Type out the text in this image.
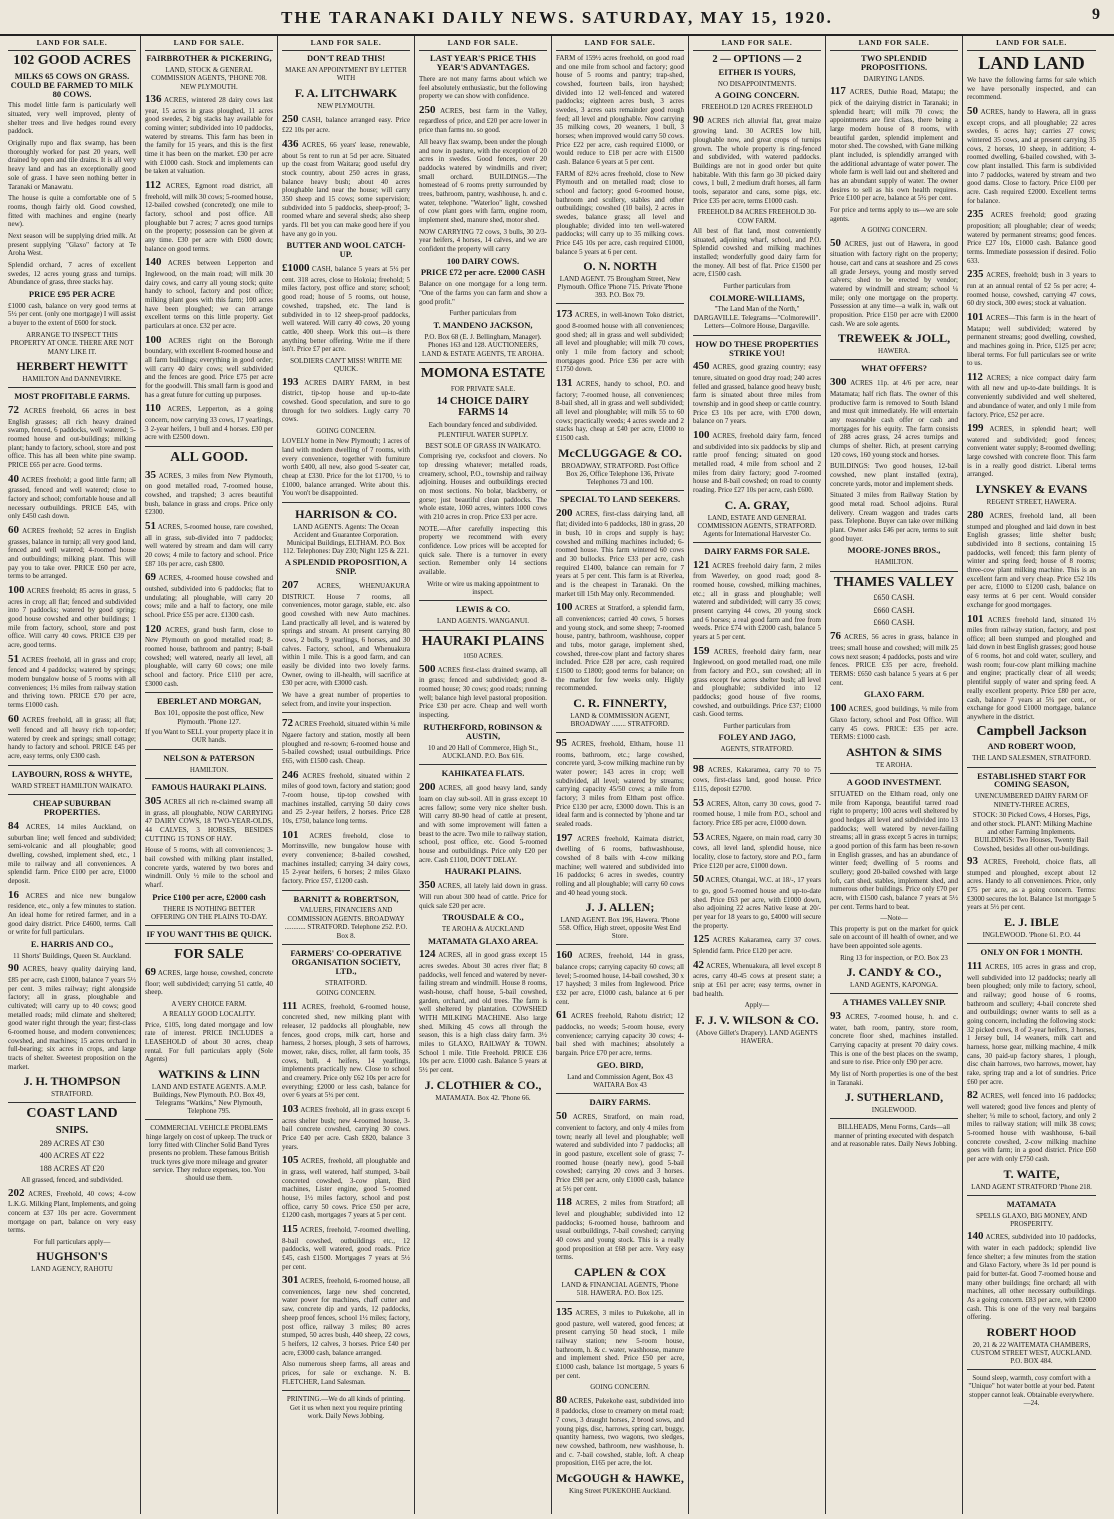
THE TARANAKI DAILY NEWS. SATURDAY, MAY 15, 1920.	9
LAND FOR SALE.
102 GOOD ACRES
MILKS 65 COWS ON GRASS. COULD BE FARMED TO MILK 80 COWS.
This model little farm is particularly well situated, very well improved, plenty of shelter trees and live hedges round every paddock.
Originally rupo and flax swamp, has been thoroughly worked for past 20 years, well drained by open and tile drains. It is all very heavy land and has an exceptionally good sole of grass. I have seen nothing better in Taranaki or Manawatu.
The house is quite a comfortable one of 5 rooms, though fairly old. Good cowshed, fitted with machines and engine (nearly new).
Next season will be supplying dried milk. At present supplying "Glaxo" factory at Te Aroha West.
Splendid orchard, 7 acres of excellent swedes, 12 acres young grass and turnips. Abundance of grass, three stacks hay.
PRICE £95 PER ACRE
£1000 cash, balance on very good terms at 5½ per cent. (only one mortgage) I will assist a buyer to the extent of £600 for stock.
ARRANGE TO INSPECT THIS PROPERTY AT ONCE. THERE ARE NOT MANY LIKE IT.
HERBERT HEWITT
HAMILTON And DANNEVIRKE.
MOST PROFITABLE FARMS.
72 ACRES freehold, 66 acres in best English grasses; all rich heavy drained swamp, fenced, 6 paddocks, well watered; 5-roomed house and out-buildings; milking plant; handy to factory, school, store and post office. This has all been white pine swamp. PRICE £65 per acre. Good terms.
40 ACRES freehold; a good little farm; all grassed, fenced and well watered; close to factory and school; comfortable house and all necessary outbuildings. PRICE £45, with only £450 cash down.
60 ACRES freehold; 52 acres in English grasses, balance in turnip; all very good land, fenced and well watered; 4-roomed house and outbuildings; milking plant. This will pay you to take over. PRICE £60 per acre, terms to be arranged.
100 ACRES freehold; 85 acres in grass, 5 acres in crop; all flat; fenced and subdivided into 7 paddocks; watered by good spring; good house cowshed and other buildings; 1 mile from factory, school, store and post office. Will carry 40 cows. PRICE £39 per acre, good terms.
51 ACRES freehold, all in grass and crop; fenced and 4 paddocks; watered by springs; modern bungalow house of 5 rooms with all conveniences; 1½ miles from railway station and thriving town. PRICE £70 per acre, terms £1000 cash.
60 ACRES freehold, all in grass; all flat; well fenced and all heavy rich top-order; watered by creek and springs; small cottage; handy to factory and school. PRICE £45 per acre, easy terms, only £300 cash.
LAYBOURN, ROSS & WHYTE,
WARD STREET HAMILTON WAIKATO.
CHEAP SUBURBAN PROPERTIES.
84 ACRES, 14 miles Auckland, on suburban line; well fenced and subdivided; semi-volcanic and all ploughable; good dwelling, cowshed, implement shed, etc., 1 mile to railway and all conveniences. A splendid farm. Price £100 per acre, £1000 deposit.
16 ACRES and nice new bungalow residence, etc., only a few minutes to station. An ideal home for retired farmer, and in a good dairy district. Price £4600, terms. Call or write for full particulars.
E. HARRIS AND CO.,
11 Shorts' Buildings, Queen St. Auckland.
90 ACRES, heavy quality dairying land, £85 per acre, cash £1000, balance 7 years 5½ per cent. 3 miles railway; right alongside factory; all in grass, ploughable and cultivated; will carry up to 40 cows; good metalled roads; mild climate and sheltered; good water right through the year; first-class 6-roomed house, and modern conveniences; cowshed, and machines; 15 acres orchard in full-bearing; six acres in crops, and large tracts of shelter. Sweetest proposition on the market.
J. H. THOMPSON
STRATFORD.
COAST LAND
SNIPS.
289 ACRES AT £30
400 ACRES AT £22
188 ACRES AT £20
All grassed, fenced, and subdivided.
202 ACRES, Freehold, 40 cows; 4-cow L.K.G. Milking Plant, Implements, and going concern at £37 10s per acre. Government mortgage on part, balance on very easy terms.
For full particulars apply—
HUGHSON'S
LAND AGENCY, RAHOTU
LAND FOR SALE.
FAIRBROTHER & PICKERING,
LAND, STOCK & GENERAL COMMISSION AGENTS, 'PHONE 708. NEW PLYMOUTH.
136 ACRES, wintered 28 dairy cows last year, 15 acres in grass ploughed, 11 acres good swedes, 2 big stacks hay available for coming winter; subdivided into 10 paddocks, watered by streams. This farm has been in the family for 15 years, and this is the first time it has been on the market. £30 per acre with £1000 cash. Stock and implements can be taken at valuation.
112 ACRES, Egmont road district, all freehold, will milk 30 cows; 5-roomed house, 12-bailed cowshed (concreted); one mile to factory, school and post office. All ploughable but 7 acres; 7 acres good turnips on the property; possession can be given at any time. £30 per acre with £600 down; balance on good terms.
140 ACRES between Lepperton and Inglewood, on the main road; will milk 30 dairy cows, and carry all young stock; quite handy to school, factory and post office; milking plant goes with this farm; 100 acres have been ploughed; we can arrange excellent terms on this little property. Get particulars at once. £32 per acre.
100 ACRES right on the Borough boundary, with excellent 8-roomed house and all farm buildings; everything in good order; will carry 40 dairy cows; well subdivided and the fences are good. Price £75 per acre for the goodwill. This small farm is good and has a great future for cutting up purposes.
110 ACRES, Lepperton, as a going concern, now carrying 33 cows, 17 yearlings, 3 2-year heifers, 1 bull and 4 horses. £30 per acre with £2500 down.
ALL GOOD.
35 ACRES, 3 miles from New Plymouth, on good metalled road, 7-roomed house, cowshed, and trapshed; 3 acres beautiful bush, balance in grass and crops. Price only £2300.
51 ACRES, 5-roomed house, rare cowshed, all in grass, sub-divided into 7 paddocks; well watered by stream and dam will carry 20 cows; 4 mile to factory and school. Price £87 10s per acre, cash £800.
69 ACRES, 4-roomed house cowshed and outshed, subdivided into 6 paddocks; flat to undulating; all ploughable, will carry 20 cows; mile and a half to factory, one mile school. Price £55 per acre. £1300 cash.
120 ACRES, grand bush farm, close to New Plymouth on good metalled road; 8-roomed house, bathroom and pantry; 8-bail cowshed; well watered, nearly all level, all ploughable, will carry 60 cows; one mile school and factory. Price £110 per acre, £3000 cash.
EBERLET AND MORGAN,
Box 101, opposite the post office, New Plymouth. 'Phone 127.
If you Want to SELL your property place it in OUR hands.
NELSON & PATERSON
HAMILTON.
FAMOUS HAURAKI PLAINS.
305 ACRES all rich re-claimed swamp all in grass, all ploughable, NOW CARRYING 47 DAIRY COWS, 18 TWO-YEAR-OLDS, 44 CALVES, 3 HORSES, BESIDES CUTTING 15 TONS OF HAY.
House of 5 rooms, with all conveniences; 3-bail cowshed with milking plant installed, concrete yards, watered by two bores and windmill. Only ½ mile to the school and wharf.
Price £100 per acre, £2000 cash
THERE IS NOTHING BETTER OFFERING ON THE PLAINS TO-DAY.
IF YOU WANT THIS BE QUICK.
FOR SALE
69 ACRES, large house, cowshed, concrete floor; well subdivided; carrying 51 cattle, 40 sheep.
A VERY CHOICE FARM.
A REALLY GOOD LOCALITY.
Price, £105, long dated mortgage and low rate of interest. PRICE INCLUDES a LEASEHOLD of about 30 acres, cheap rental. For full particulars apply (Sole Agents)
WATKINS & LINN
LAND AND ESTATE AGENTS. A.M.P. Buildings, New Plymouth. P.O. Box 49, Telegrams "Watkins," New Plymouth, Telephone 795.
COMMERCIAL VEHICLE PROBLEMS hinge largely on cost of upkeep. The truck or lorry fitted with Clincher Solid Band Tyres presents no problem. These famous British truck tyres give more mileage and greater service. They reduce expenses, too. You should use them.
LAND FOR SALE.
DON'T READ THIS!
MAKE AN APPOINTMENT BY LETTER WITH
F. A. LITCHWARK
NEW PLYMOUTH.
250 CASH, balance arranged easy. Price £22 10s per acre.
436 ACRES, 66 years' lease, renewable, about 5s rent to run at 5d per acre. Situated up the coast from Waitara; good useful dry stock country, about 250 acres in grass, balance heavy bush; about 40 acres ploughable land near the house; will carry 350 sheep and 15 cows; some supervision; subdivided into 5 paddocks, sheep-proof; 3-roomed whare and several sheds; also sheep yards. I'll bet you can make good here if you have any go in you.
BUTTER AND WOOL CATCH-UP.
£1000 CASH, balance 5 years at 5½ per cent. 318 acres, close to Hokoia; freehold; 5 miles factory, post office and store; school; good road; house of 5 rooms, out house, cowshed, trapshed, etc. The land is subdivided in to 12 sheep-proof paddocks, well watered. Will carry 40 cows, 20 young cattle, 400 sheep. Work this out—is there anything better offering. Write me if there isn't. Price £7 per acre.
SOLDIERS CAN'T MISS! WRITE ME QUICK.
193 ACRES DAIRY FARM, in best district, tip-top house and up-to-date cowshed. Good speculation, and sure to go through for two soldiers. Lugly carry 70 cows.
GOING CONCERN.
LOVELY home in New Plymouth; 1 acres of land with modern dwelling of 7 rooms, with every convenience, together with furniture worth £400, all new, also good 5-seater car, cheap at £330. Price for the lot £1700, ½ to £1000, balance arranged. Write about this. You won't be disappointed.
HARRISON & CO.
LAND AGENTS. Agents: The Ocean Accident and Guarantee Corporation. Municipal Buildings, ELTHAM. P.O. Box 112. Telephones: Day 230; Night 125 & 221.
A SPLENDID PROPOSITION, A SNIP.
207	ACRES, WHENUAKURA DISTRICT. House 7 rooms, all conveniences, motor garage, stable, etc. also good cowshed with new Auto machines. Land practically all level, and is watered by springs and stream. At present carrying 80 cows, 2 bulls, 9 yearlings, 6 horses, and 30 calves. Factory, school, and Whenuakura within 1 mile. This is a good farm, and can easily be divided into two lovely farms. Owner, owing to ill-health, will sacrifice at £30 per acre, with £3000 cash.
We have a great number of properties to select from, and invite your inspection.
72 ACRES Freehold, situated within ¼ mile Ngaere factory and station, mostly all been ploughed and re-sown; 6-roomed house and 5-bailed cowshed; usual outbuildings. Price £65, with £1500 cash. Cheap.
246 ACRES freehold, situated within 2 miles of good town, factory and station; good 7-room house, tip-top cowshed with machines installed, carrying 50 dairy cows and 25 2-year heifers, 2 horses. Price £28 10s, £750, balance long terms.
101 ACRES freehold, close to Morrinsville, new bungalow house with every convenience; 8-bailed cowshed, machines installed; carrying 34 dairy cows, 15 2-year heifers, 6 horses; 2 miles Glaxo factory. Price £57, £1200 cash.
BARNITT & ROBERTSON,
VALUERS, FINANCIERS AND COMMISSION AGENTS. BROADWAY ............ STRATFORD. Telephone 252. P.O. Box 8.
FARMERS' CO-OPERATIVE ORGANISATION SOCIETY, LTD.,
STRATFORD.
GOING CONCERN.
111 ACRES, freehold, 6-roomed house, concreted shed, new milking plant with releaser, 12 paddocks all ploughable, new fences, good crops, milk cart, horse and harness, 2 horses, plough, 3 sets of harrows, mower, rake, discs, roller, all farm tools, 35 cows, bull, 4 heifers, 14 yearlings, implements practically new. Close to school and creamery. Price only £62 10s per acre for everything; £2000 or less cash, balance for over 6 years at 5½ per cent.
103 ACRES freehold, all in grass except 6 acres shelter bush; new 4-roomed house, 3-bail concrete cowshed, carrying 30 cows. Price £40 per acre. Cash £820, balance 3 years.
105 ACRES, freehold, all ploughable and in grass, well watered, half stumped, 3-bail concreted cowshed, 3-cow plant, Bird machines, Lister engine, good 5-roomed house, 1½ miles factory, school and post office, carry 50 cows. Price £50 per acre, £1200 cash, mortgages 7 years at 5 per cent.
115 ACRES, freehold, 7-roomed dwelling, 8-bail cowshed, outbuildings etc., 12 paddocks, well watered, good roads. Price £45, cash £1500. Mortgages 7 years at 5½ per cent.
301 ACRES, freehold, 6-roomed house, all conveniences, large new shed concreted, water power for machines, chaff cutter and saw, concrete dip and yards, 12 paddocks, sheep proof fences, school 1½ miles; factory, post office, railway 3 miles; 80 acres stumped, 50 acres bush, 440 sheep, 22 cows, 5 heifers, 12 calves, 3 horses. Price £40 per acre, £3000 cash, balance arranged.
Also numerous sheep farms, all areas and prices, for sale or exchange. N. B. FLETCHER, Land Salesman.
PRINTING.—We do all kinds of printing. Get it us when next you require printing work. Daily News Jobbing.
LAND FOR SALE.
LAST YEAR'S PRICE THIS YEAR'S ADVANTAGES.
There are not many farms about which we feel absolutely enthusiastic, but the following property we can show with confidence.
250 ACRES, best farm in the Valley, regardless of price, and £20 per acre lower in price than farms no. so good.
All heavy flax swamp, been under the plough and now in pasture, with the exception of 20 acres in swedes. Good fences, over 20 paddocks watered by windmills and river; small orchard. BUILDINGS.—The homestead of 6 rooms pretty surrounded by trees, bathroom, pantry, washhouse, h. and c. water, telephone. "Waterloo" light, cowshed of cow plant goes with farm, engine room, implement shed, manure shed, motor shed.
NOW CARRYING 72 cows, 3 bulls, 30 2/3-year heifers, 4 horses, 14 calves, and we are confident the property will carry
100 DAIRY COWS.
PRICE £72 per acre. £2000 CASH
Balance on one mortgage for a long term. "One of the farms you can farm and show a good profit."
Further particulars from
T. MANDENO JACKSON,
P.O. Box 68 (E. J. Bellingham, Manager). Phones 163 and 128. AUCTIONEERS, LAND & ESTATE AGENTS, TE AROHA.
MOMONA ESTATE
FOR PRIVATE SALE.
14 CHOICE DAIRY FARMS 14
Each boundary fenced and subdivided.
PLENTIFUL WATER SUPPLY.
BEST SOLE OF GRASS IN WAIKATO.
Comprising rye, cocksfoot and clovers. No top dressing whatever; metalled roads, creamery, school, P.O., township and railway adjoining. Houses and outbuildings erected on most sections. No bolar, blackberry, or gorse; just beautiful clean paddocks. The whole estate, 1060 acres, winters 1000 cows with 210 acres in crop. Price £33 per acre.
NOTE.—After carefully inspecting this property we recommend with every confidence. Low prices will be accepted for quick sale. There is a turnover in every section. Remember only 14 sections available.
Write or wire us making appointment to inspect.
LEWIS & CO.
LAND AGENTS. WANGANUI.
HAURAKI PLAINS
1050 ACRES.
500 ACRES first-class drained swamp, all in grass; fenced and subdivided; good 8-roomed house; 30 cows; good roads; running well; balance high level pastoral proposition. Price £30 per acre. Cheap and well worth inspecting.
RUTHERFORD, ROBINSON & AUSTIN,
10 and 20 Hall of Commerce, High St., AUCKLAND. P.O. Box 616.
KAHIKATEA FLATS.
200 ACRES, all good heavy land, sandy loam on clay sub-soil. All in grass except 10 acres fallow; some very nice shelter bush. Will carry 80-90 head of cattle at present, and with some improvement will fatten a beast to the acre. Two mile to railway station, school, post office, etc. Good 5-roomed house and outbuildings. Price only £20 per acre. Cash £1100, DON'T DELAY.
HAURAKI PLAINS.
350 ACRES, all lately laid down in grass. Will run about 300 head of cattle. Price for quick sale £20 per acre.
TROUSDALE & CO.,
TE AROHA & AUCKLAND
MATAMATA GLAXO AREA.
124 ACRES, all in good grass except 15 acres swedes. About 30 acres river flat; 8 paddocks, well fenced and watered by never-failing stream and windmill. House 8 rooms, wash-house, chaff house, 5-bail cowshed, garden, orchard, and old trees. The farm is well sheltered by plantation. COWSHED WITH MILKING MACHINE. Also large shed. Milking 45 cows all through the season, this is a high class dairy farm. 3½ miles to GLAXO, RAILWAY & TOWN. School 1 mile. Title Freehold. PRICE £36 10s per acre. £1000 cash. Balance 5 years at 5½ per cent.
J. CLOTHIER & CO.,
MATAMATA. Box 42. 'Phone 66.
LAND FOR SALE.
FARM of 159½ acres freehold, on good road and one mile from school and factory; good house of 5 rooms and pantry; trap-shed, cowshed, fourteen bails, iron hayshed; divided into 12 well-fenced and watered paddocks; eighteen acres bush, 3 acres swedes, 3 acres oats remainder good rough feed; all level and ploughable. Now carrying 35 milking cows, 20 weaners, 1 bull, 3 horses; when improved would carry 50 cows. Price £22 per acre, cash required £1000, or would reduce to £18 per acre with £1500 cash. Balance 6 years at 5 per cent.
FARM of 82½ acres freehold, close to New Plymouth and on metalled road; close to school and factory; good 6-roomed house, bathroom and scullery, stables and other outbuildings; cowshed (10 bails), 2 acres in swedes, balance grass; all level and ploughable; divided into ten well-watered paddocks; will carry up to 35 milking cows. Price £45 10s per acre, cash required £1000, balance 5 years at 6 per cent.
O. N. NORTH
LAND AGENT. 75 Brougham Street, New Plymouth. Office 'Phone 715. Private 'Phone 393. P.O. Box 79.
173 ACRES, in well-known Toko district, good 8-roomed house with all conveniences; good shed; all in grass and well subdivided; all level and ploughable; will milk 70 cows, only 1 mile from factory and school; mortgages good. Price £36 per acre with £1750 down.
131 ACRES, handy to school, P.O. and factory; 7-roomed house, all conveniences; 8-bail shed, all in grass and well subdivided; all level and ploughable; will milk 55 to 60 cows; practically weeds; 4 acres swede and 2 stacks hay, cheap at £40 per acre, £1000 to £1500 cash.
McCLUGGAGE & CO.
BROADWAY, STRATFORD. Post Office Box 26, Office Telephone 136, Private Telephones 73 and 100.
SPECIAL TO LAND SEEKERS.
200 ACRES, first-class dairying land, all flat; divided into 6 paddocks, 180 in grass, 20 in bush, 10 in crops and supply is hay; cowshed and milking machines included; 6-roomed house. This farm wintered 60 cows and 30 bullocks. Price £33 per acre, cash required £1400, balance can remain for 7 years at 5 per cent. This farm is at Riverlea, and is the cheapest in Taranaki. On the market till 15th May only. Recommended.
100 ACRES at Stratford, a splendid farm, all conveniences; carried 40 cows, 5 horses and young stock, and some sheep; 7-roomed house, pantry, bathroom, washhouse, copper and tubs, motor garage, implement shed, cowshed, three-cow plant and factory shares included. Price £28 per acre, cash required £1500 to £1800; good terms for balance; on the market for few weeks only. Highly recommended.
C. R. FINNERTY,
LAND & COMMISSION AGENT, BROADWAY ........ STRATFORD.
95 ACRES, freehold, Eltham, house 11 rooms, bathroom, etc.; large cowshed, concrete yard, 3-cow milking machine run by water power; 143 acres in crop; well subdivided, all level; watered by streams; carrying capacity 45/50 cows; a mile from factory; 3 miles from Eltham post office. Price £130 per acre, £3000 down. This is an ideal farm and is connected by 'phone and tar sealed roads.
197 ACRES freehold, Kaimata district, dwelling of 6 rooms, bathwashhouse, cowshed of 8 bails with 4-cow milking machine; well watered and subdivided into 16 paddocks; 6 acres in swedes, country rolling and all ploughable; will carry 60 cows and 40 head young stock.
J. J. ALLEN;
LAND AGENT. Box 196, Hawera. 'Phone 558. Office, High street, opposite West End Store.
160 ACRES, freehold, 144 in grass, balance crops; carrying capacity 60 cows; all level; 5-roomed house, 14-bail cowshed, 30 x 17 hayshed; 3 miles from Inglewood. Price £32 per acre, £1000 cash, balance at 6 per cent.
61 ACRES freehold, Rahotu district; 12 paddocks, no weeds; 5-room house, every convenience; carrying capacity 30 cows; 4-bail shed with machines; absolutely a bargain. Price £70 per acre, terms.
GEO. BIRD,
Land and Commission Agent, Box 43 WAITARA Box 43
DAIRY FARMS.
50 ACRES, Stratford, on main road, convenient to factory, and only 4 miles from town; nearly all level and ploughable; well watered and subdivided into 7 paddocks; all in good pasture, excellent sole of grass; 7-roomed house (nearly new), good 5-bail cowshed; carrying 20 cows and 3 horses. Price £98 per acre, only £1000 cash, balance at 5½ per cent.
118 ACRES, 2 miles from Stratford; all level and ploughable; subdivided into 12 paddocks; 6-roomed house, bathroom and usual outbuildings, 7-bail cowshed; carrying 40 cows and young stock. This is a really good proposition at £68 per acre. Very easy terms.
CAPLEN & COX
LAND & FINANCIAL AGENTS, 'Phone 518. HAWERA. P.O. Box 125.
135 ACRES, 3 miles to Pukekohe, all in good pasture, well watered, good fences; at present carrying 50 head stock, 1 mile railway station; new 5-room house, bathroom, h. & c. water, washhouse, manure and implement shed. Price £50 per acre, £1000 cash, balance 1st mortgage, 5 years 6 per cent.
GOING CONCERN.
80 ACRES, Pukekohe east, subdivided into 8 paddocks, close to creamery on metal road; 7 cows, 3 draught horses, 2 brood sows, and young pigs, disc, harrows, spring cart, buggy, quantity harness, two wagons, two sledges, new cowshed, bathroom, new washhouse, h. and c. 7-bail cowshed, stable, loft. A cheap proposition, £165 per acre, the lot.
McGOUGH & HAWKE,
King Street PUKEKOHE Auckland.
LAND FOR SALE.
2 — OPTIONS — 2
EITHER IS YOURS,
NO DISAPPOINTMENTS.
A GOING CONCERN.
FREEHOLD 120 ACRES FREEHOLD
90 ACRES rich alluvial flat, great maize growing land. 30 ACRES low hill, ploughable now, and great crops of turnips grown. The whole property is ring-fenced and subdivided, with watered paddocks. Buildings are not in good order but quite habitable. With this farm go 30 picked dairy cows, 1 bull, 2 medium draft horses, all farm tools, separator and cans, some pigs, etc. Price £35 per acre, terms £1000 cash.
FREEHOLD 84 ACRES FREEHOLD 30-COW FARM.
All best of flat land, most conveniently situated, adjoining wharf, school, and P.O. Splendid cowshed and milking machines installed; wonderfully good dairy farm for the money. All best of flat. Price £1500 per acre, £1500 cash.
Further particulars from
COLMORE-WILLIAMS,
"The Land Man of the North," DARGAVILLE. Telegrams—"Colmorewill". Letters—Colmore House, Dargaville.
HOW DO THESE PROPERTIES STRIKE YOU!
450 ACRES, good grazing country; easy tenure, situated on good dray road; 240 acres felled and grassed, balance good heavy bush; farm is situated about three miles from township and in good sheep or cattle country. Price £3 10s per acre, with £700 down, balance on 7 years.
100 ACRES, freehold dairy farm, fenced and subdivided into six paddocks by slip and rattle proof fencing; situated on good metalled road, 4 mile from school and 2 miles from dairy factory; good 7-roomed house and 8-bail cowshed; on road to county roading. Price £27 10s per acre, cash £600.
C. A. GRAY,
LAND, ESTATE AND GENERAL COMMISSION AGENTS, STRATFORD. Agents for International Harvester Co.
DAIRY FARMS FOR SALE.
121 ACRES freehold dairy farm, 2 miles from Waverley, on good road; good 8-roomed house, cowshed, milking machines, etc.; all in grass and ploughable; well watered and subdivided; will carry 35 cows; present carrying 44 cows, 20 young stock and 6 horses; a real good farm and free from weeds. Price £74 with £2000 cash, balance 5 years at 5 per cent.
159 ACRES, freehold dairy farm, near Inglewood, on good metalled road, one mile from factory and P.O., sun cowshed; all in grass except few acres shelter bush; all level and ploughable; subdivided into 12 paddocks; good house of five rooms, cowshed, and outbuildings. Price £37; £1000 cash. Good terms.
Further particulars from
FOLEY AND JAGO,
AGENTS, STRATFORD.
98 ACRES, Kakaramea, carry 70 to 75 cows, first-class land, good house. Price £115, deposit £2700.
53 ACRES, Alton, carry 30 cows, good 7-roomed house, 1 mile from P.O., school and factory. Price £85 per acre, £1000 down.
53 ACRES, Ngaere, on main road, carry 30 cows, all level land, splendid house, nice locality, close to factory, store and P.O., farm Price £120 per acre, £1000 down.
50 ACRES, Ohangai, W.C. at 18/-, 17 years to go, good 5-roomed house and up-to-date shed. Price £63 per acre, with £1000 down, also adjoining 22 acres Native lease at 20/- per year for 18 years to go, £4000 will secure the property.
125 ACRES Kakaramea, carry 37 cows. Splendid farm. Price £120 per acre.
42 ACRES, Whenuakura, all level except 8 acres, carry 40-45 cows at present state; a snip at £61 per acre; easy terms, owner in bad health.
Apply—
F. J. V. WILSON & CO.
(Above Gillet's Drapery). LAND AGENTS HAWERA.
LAND FOR SALE.
TWO SPLENDID PROPOSITIONS.
DAIRYING LANDS.
117 ACRES, Duthie Road, Matapu; the pick of the dairying district in Taranaki; in splendid heart; will milk 70 cows; the appointments are first class, there being a large modern house of 8 rooms, with beautiful garden, splendid implement and motor shed. The cowshed, with Gane milking plant included, is splendidly arranged with the additional advantage of water power. The whole farm is well laid out and sheltered and has an abundant supply of water. The owner desires to sell as his own health requires. Price £100 per acre, balance at 5½ per cent.
For price and terms apply to us—we are sole agents.
A GOING CONCERN.
50 ACRES, just out of Hawera, in good situation with factory right on the property; house, cart and cans at seashore and 25 cows all grade Jerseys, young and mostly served calvers; shed to be erected by vendor; watered by windmill and stream; school ¼ mile; only one mortgage on the property. Possession at any time—a walk in, walk out proposition. Price £150 per acre with £2000 cash. We are sole agents.
TREWEEK & JOLL,
HAWERA.
WHAT OFFERS?
300 ACRES 11p. at 4/6 per acre, near Matamata; half rich flats. The owner of this productive farm is removed to South Island and must quit immediately. He will entertain any reasonable cash offer or cash and mortgages for his equity. The farm consists of 288 acres grass, 24 acres turnips and clumps of shelter. Rich, at present carrying 120 cows, 160 young stock and horses.
BUILDINGS: Two good houses, 12-bail cowshed, new plant installed (extra), concrete yards, motor and implement sheds.
Situated 3 miles from Railway Station by good metal road. School adjoins. Rural delivery. Cream waggon and trades carts pass. Telephone. Buyer can take over milking plant. Owner asks £46 per acre, terms to suit good buyer.
MOORE-JONES BROS.,
HAMILTON.
THAMES VALLEY
£650 CASH.
£660 CASH.
£660 CASH.
76 ACRES, 56 acres in grass, balance in trees; small house and cowshed; will milk 25 cows next season; 4 paddocks, posts and wire fences. PRICE £35 per acre, freehold. TERMS: £650 cash balance 5 years at 6 per cent.
GLAXO FARM.
100 ACRES, good buildings, ¼ mile from Glaxo factory, school and Post Office. Will carry 45 cows. PRICE: £35 per acre. TERMS: £1000 cash.
ASHTON & SIMS
TE AROHA.
A GOOD INVESTMENT.
SITUATED on the Eltham road, only one mile from Kaponga, beautiful tarred road right to property; 100 acres well sheltered by good hedges all level and subdivided into 13 paddocks; well watered by never-failing streams; all in grass except 5 acres in turnips; a good portion of this farm has been re-sown in English grasses, and has an abundance of winter feed; dwelling of 5 rooms and scullery; good 20-bailed cowshed with large loft, cart shed, stables, implement shed, and numerous other buildings. Price only £70 per acre, with £1500 cash, balance 7 years at 5½ per cent. Terms hard to beat.
—Note—
This property is put on the market for quick sale on account of ill health of owner, and we have been appointed sole agents.
Ring 13 for inspection, or P.O. Box 23
J. CANDY & CO.,
LAND AGENTS, KAPONGA.
A THAMES VALLEY SNIP.
93 ACRES, 7-roomed house, h. and c. water, bath room, pantry, store room, concrete floor shed, machines installed. Carrying capacity at present 70 dairy cows. This is one of the best places on the swamp, and sure to rise. Price only £90 per acre.
My list of North properties is one of the best in Taranaki.
J. SUTHERLAND,
INGLEWOOD.
BILLHEADS, Menu Forms, Cards—all manner of printing executed with despatch and at reasonable rates. Daily News Jobbing.
LAND FOR SALE.
LAND LAND
We have the following farms for sale which we have personally inspected, and can recommend.
50 ACRES, handy to Hawera, all in grass except crops, and all ploughable; 22 acres swedes, 6 acres hay; carries 27 cows; wintered 35 cows, and at present carrying 35 cows, 2 horses, 10 sheep, in addition; 4-roomed dwelling, 6-bailed cowshed, with 3-cow plant installed. This farm is subdivided into 7 paddocks, watered by stream and two good dams. Close to factory. Price £100 per acre. Cash required £2000. Excellent terms for balance.
235 ACRES freehold; good grazing proposition; all ploughable; clear of weeds; watered by permanent streams; good fences. Price £27 10s, £1000 cash. Balance good terms. Immediate possession if desired. Folio 633.
235 ACRES, freehold; bush in 3 years to run at an annual rental of £2 5s per acre; 4-roomed house, cowshed, carrying 47 cows, 60 dry stock, 300 ewes; stock at valuation.
101 ACRES—This farm is in the heart of Matapu; well subdivided; watered by permanent streams; good dwelling, cowshed, and machines going in. Price, £125 per acre; liberal terms. For full particulars see or write to us.
112 ACRES; a nice compact dairy farm with all new and up-to-date buildings. It is conveniently subdivided and well sheltered, and abundance of water, and only 1 mile from factory. Price, £52 per acre.
199 ACRES, in splendid heart; well watered and subdivided; good fences; convenient water supply; 8-roomed dwelling; large cowshed with concrete floor. This farm is in a really good district. Liberal terms arranged.
LYNSKEY & EVANS
REGENT STREET, HAWERA.
280 ACRES, freehold land, all been stumped and ploughed and laid down in best English grasses; little shelter bush; subdivided into 8 sections, containing 15 paddocks, well fenced; this farm plenty of winter and spring feed; house of 8 rooms; three-cow plant milking machine. This is an excellent farm and very cheap. Price £52 10s per acre, £1000 to £1200 cash, balance on easy terms at 6 per cent. Would consider exchange for good mortgages.
101 ACRES freehold land, situated 1½ miles from railway station, factory, and post office; all been stumped and ploughed and laid down in best English grasses; good house of 6 rooms, hot and cold water, scullery, and wash room; four-cow plant milking machine and engine; practically clear of all weeds; plentiful supply of water and spring feed. A really excellent property. Price £80 per acre, cash, balance 7 years at 5¼ per cent., or exchange for good £1000 mortgage, balance anywhere in the district.
Campbell Jackson
AND ROBERT WOOD,
THE LAND SALESMEN, STRATFORD.
ESTABLISHED START FOR COMING SEASON,
UNENCUMBERED DAIRY FARM OF NINETY-THREE ACRES,
STOCK: 30 Picked Cows, 4 Horses, Pigs, and other stock. PLANT: Milking Machine and other Farming Implements. BUILDINGS: Two Houses, Twenty Bail Cowshed, besides all other out-buildings.
93 ACRES, Freehold, choice flats, all stumped and ploughed, except about 12 acres. Handy to all conveniences. Price, only £75 per acre, as a going concern. Terms: £3000 secures the lot. Balance 1st mortgage 5 years at 5½ per cent.
E. J. IBLE
INGLEWOOD. 'Phone 61. P.O. 44
ONLY ON FOR 1 MONTH.
111 ACRES, 105 acres in grass and crop, well subdivided into 12 paddocks; nearly all been ploughed; only mile to factory, school, and railway; good house of 6 rooms, bathroom and scullery; 4-bail concrete shed and outbuildings; owner wants to sell as a going concern, including the following stock: 32 picked cows, 8 of 2-year heifers, 3 horses, 1 Jersey bull, 14 weaners, milk cart and harness, horse gear, milking machine, 4 milk cans, 30 paid-up factory shares, 1 plough, disc chain harrows, two harrows, mower, hay rake, spring trap and a lot of sundries. Price £60 per acre.
82 ACRES, well fenced into 16 paddocks; well watered; good live fences and plenty of shelter; ¼ mile to school, factory, and only 2 miles to railway station; will milk 38 cows; 5-roomed house with washhouse, 6-bail concrete cowshed, 2-cow milking machine goes with farm; in a good district. Price £60 per acre with only £750 cash.
T. WAITE,
LAND AGENT STRATFORD 'Phone 218.
MATAMATA
SPELLS GLAXO, BIG MONEY, AND PROSPERITY.
140 ACRES, subdivided into 10 paddocks, with water in each paddock; splendid live fence shelter; a few minutes from the station and Glaxo Factory, where 3s 1d per pound is paid for butter-fat. Good 7-roomed house and many other buildings; fine orchard; all with machines, all other necessary outbuildings. As a going concern. £83 per acre, with £2000 cash. This is one of the very real bargains offering.
ROBERT HOOD
20, 21 & 22 WAITEMATA CHAMBERS, CUSTOM STREET WEST, AUCKLAND. P.O. BOX 484.
Sound sleep, warmth, cosy comfort with a "Unique" hot water bottle at your bed. Patent stopper cannot leak. Obtainable everywhere.—24.
